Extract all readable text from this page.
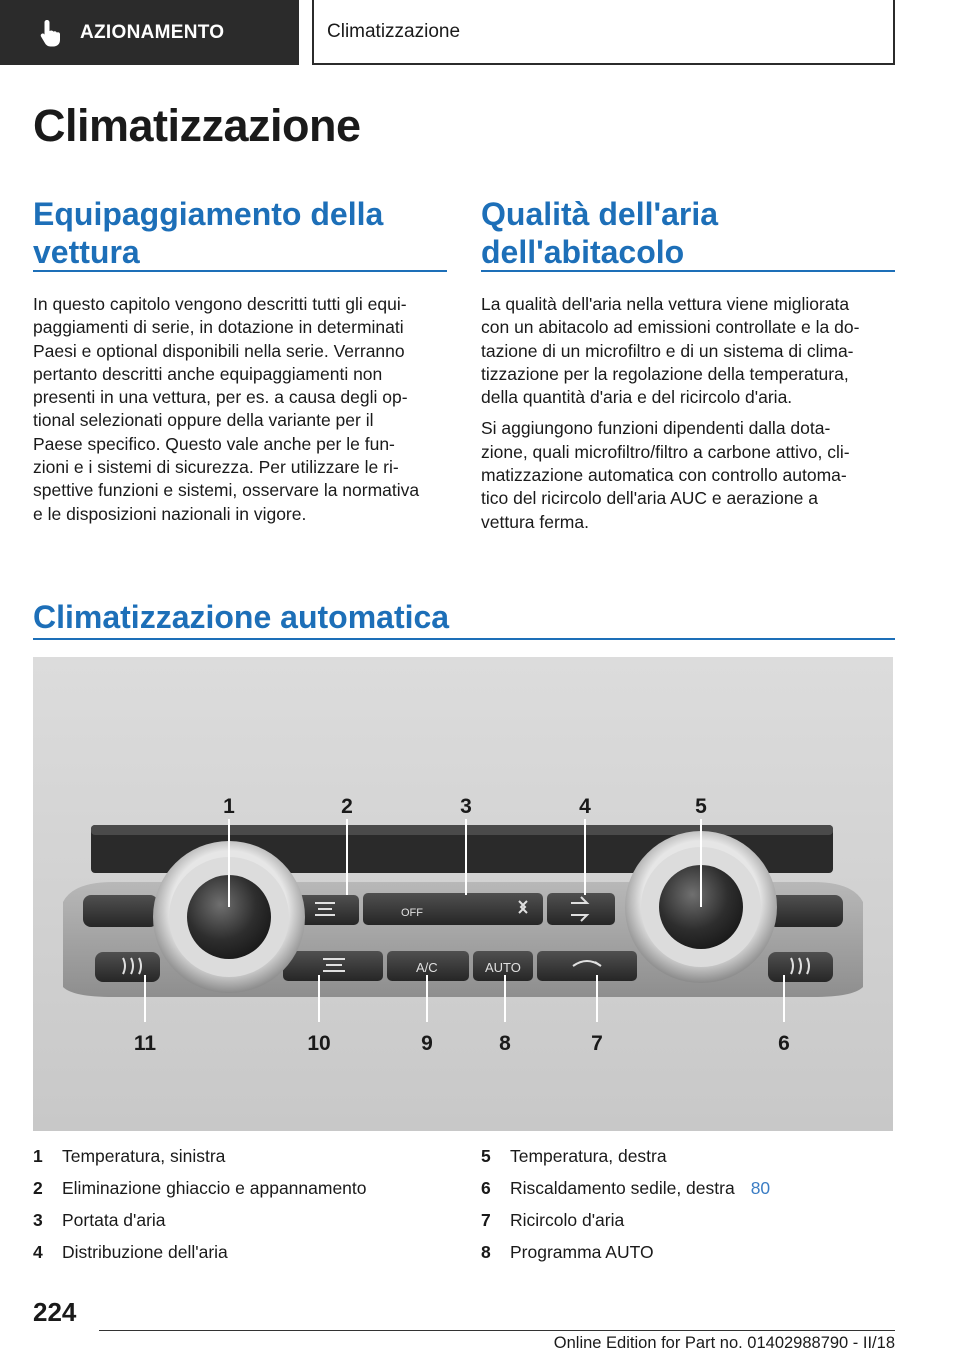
AZIONAMENTO	Climatizzazione
Climatizzazione
Equipaggiamento della
vettura

In questo capitolo vengono descritti tutti gli equi-
paggiamenti di serie, in dotazione in determinati
Paesi e optional disponibili nella serie. Verranno
pertanto descritti anche equipaggiamenti non
presenti in una vettura, per es. a causa degli op-
tional selezionati oppure della variante per il
Paese specifico. Questo vale anche per le fun-
zioni e i sistemi di sicurezza. Per utilizzare le ri-
spettive funzioni e sistemi, osservare la normativa
e le disposizioni nazionali in vigore.

Qualità dell'aria
dell'abitacolo

La qualità dell'aria nella vettura viene migliorata
con un abitacolo ad emissioni controllate e la do-
tazione di un microfiltro e di un sistema di clima-
tizzazione per la regolazione della temperatura,
della quantità d'aria e del ricircolo d'aria.

Si aggiungono funzioni dipendenti dalla dota-
zione, quali microfiltro/filtro a carbone attivo, cli-
matizzazione automatica con controllo automa-
tico del ricircolo dell'aria AUC e aerazione a
vettura ferma.

Climatizzazione automatica
OFF
A/C	AUTO
1	2	3	4	5
11	10	9	8	7	6
1	Temperatura, sinistra
2	Eliminazione ghiaccio e appannamento
3	Portata d'aria
4	Distribuzione dell'aria
5	Temperatura, destra
6	Riscaldamento sedile, destra 80
7	Ricircolo d'aria
8	Programma AUTO
224
Online Edition for Part no. 01402988790 - II/18
